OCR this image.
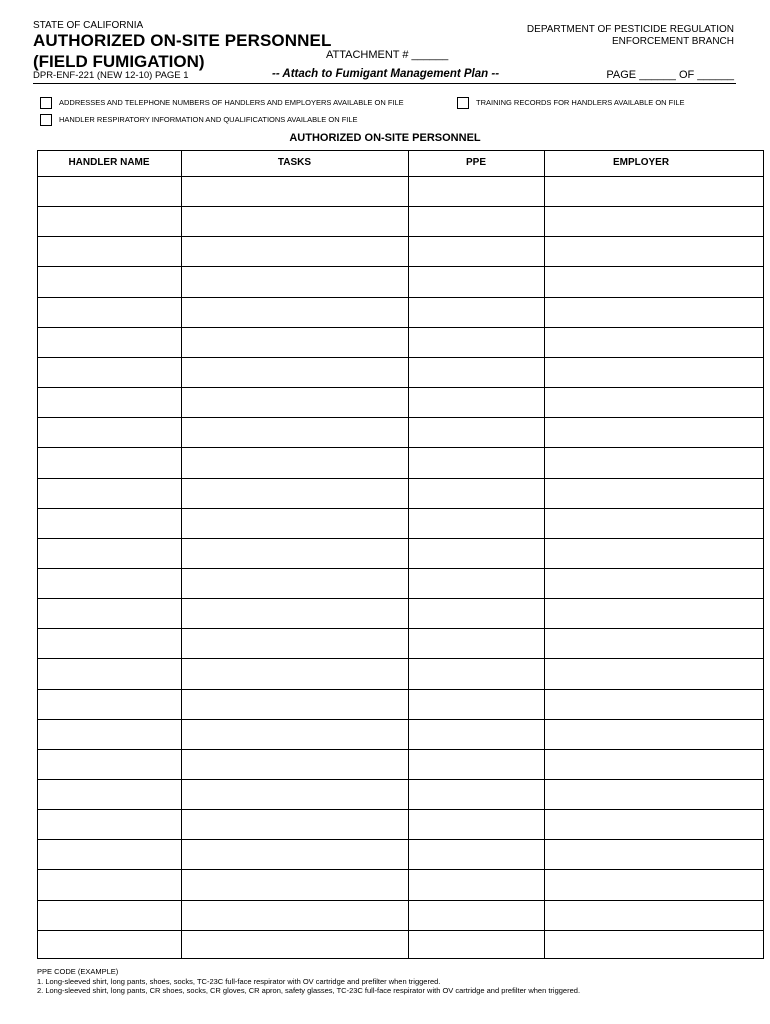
STATE OF CALIFORNIA
AUTHORIZED ON-SITE PERSONNEL
(FIELD FUMIGATION)
DPR-ENF-221 (NEW 12-10) PAGE 1
DEPARTMENT OF PESTICIDE REGULATION
ENFORCEMENT BRANCH
ATTACHMENT # ______
-- Attach to Fumigant Management Plan --	PAGE ______ OF ______
ADDRESSES AND TELEPHONE NUMBERS OF HANDLERS AND EMPLOYERS AVAILABLE ON FILE	TRAINING RECORDS FOR HANDLERS AVAILABLE ON FILE
HANDLER RESPIRATORY INFORMATION AND QUALIFICATIONS AVAILABLE ON FILE
AUTHORIZED ON-SITE PERSONNEL
HANDLER NAME	TASKS	PPE	EMPLOYER
PPE CODE (EXAMPLE)
1. Long-sleeved shirt, long pants, shoes, socks, TC-23C full-face respirator with OV cartridge and prefilter when triggered.
2. Long-sleeved shirt, long pants, CR shoes, socks, CR gloves, CR apron, safety glasses, TC-23C full-face respirator with OV cartridge and prefilter when triggered.
